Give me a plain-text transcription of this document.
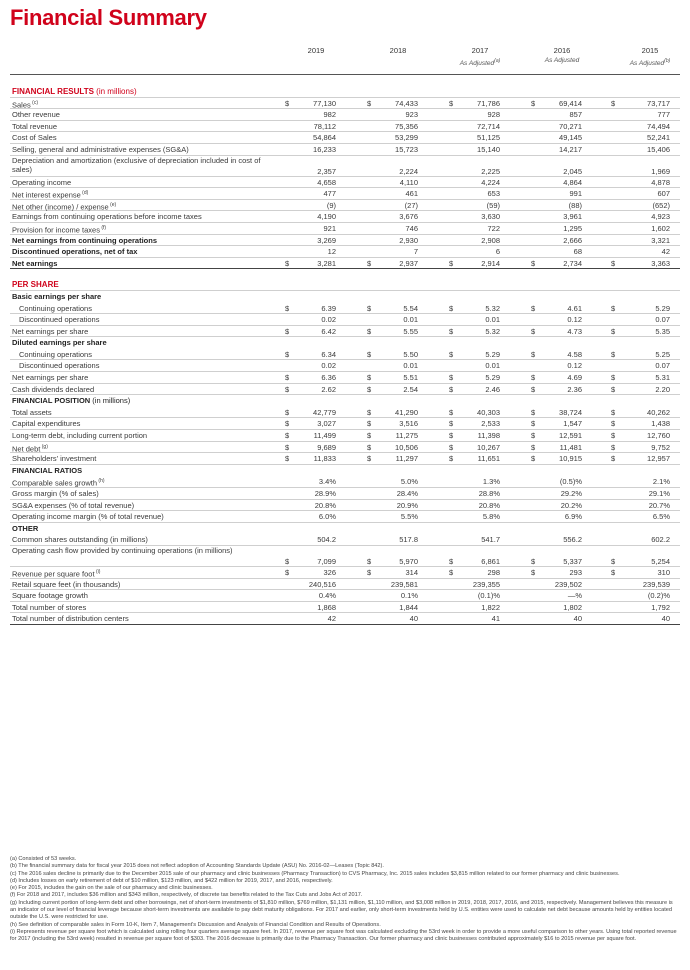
Financial Summary
2019
	2018
	2017
As Adjusted$^{(a)}$
2016
As Adjusted
2015
As Adjusted$^{(b)}$
FINANCIAL RESULTS (in millions)
Sales $^{(c)}$	$	77,130	$	74,433	$	71,786	$	69,414	$	73,717
Other revenue	982	923	928	857	777
Total revenue	78,112	75,356	72,714	70,271	74,494
Cost of Sales	54,864	53,299	51,125	49,145	52,241
Selling, general and administrative expenses (SG&A)	16,233	15,723	15,140	14,217	15,406
Depreciation and amortization (exclusive of depreciation included in cost of sales)	2,357	2,224	2,225	2,045	1,969
Operating income	4,658	4,110	4,224	4,864	4,878
Net interest expense $^{(d)}$	477	461	653	991	607
Net other (income) / expense $^{(e)}$	(9)	(27)	(59)	(88)	(652)
Earnings from continuing operations before income taxes	4,190	3,676	3,630	3,961	4,923
Provision for income taxes $^{(f)}$	921	746	722	1,295	1,602
Net earnings from continuing operations	3,269	2,930	2,908	2,666	3,321
Discontinued operations, net of tax	12	7	6	68	42
Net earnings	$	3,281	$	2,937	$	2,914	$	2,734	$	3,363
PER SHARE
Basic earnings per share
Continuing operations	$	6.39	$	5.54	$	5.32	$	4.61	$	5.29
Discontinued operations	0.02	0.01	0.01	0.12	0.07
Net earnings per share	$	6.42	$	5.55	$	5.32	$	4.73	$	5.35
Diluted earnings per share
Continuing operations	$	6.34	$	5.50	$	5.29	$	4.58	$	5.25
Discontinued operations	0.02	0.01	0.01	0.12	0.07
Net earnings per share	$	6.36	$	5.51	$	5.29	$	4.69	$	5.31
Cash dividends declared	$	2.62	$	2.54	$	2.46	$	2.36	$	2.20
FINANCIAL POSITION (in millions)
Total assets	$	42,779	$	41,290	$	40,303	$	38,724	$	40,262
Capital expenditures	$	3,027	$	3,516	$	2,533	$	1,547	$	1,438
Long-term debt, including current portion	$	11,499	$	11,275	$	11,398	$	12,591	$	12,760
Net debt $^{(g)}$	$	9,689	$	10,506	$	10,267	$	11,481	$	9,752
Shareholders' investment	$	11,833	$	11,297	$	11,651	$	10,915	$	12,957
FINANCIAL RATIOS
Comparable sales growth $^{(h)}$	3.4%	5.0%	1.3%	(0.5)%	2.1%
Gross margin (% of sales)	28.9%	28.4%	28.8%	29.2%	29.1%
SG&A expenses (% of total revenue)	20.8%	20.9%	20.8%	20.2%	20.7%
Operating income margin (% of total revenue)	6.0%	5.5%	5.8%	6.9%	6.5%
OTHER
Common shares outstanding (in millions)	504.2	517.8	541.7	556.2	602.2
Operating cash flow provided by continuing operations (in millions)
$	7,099	$	5,970	$	6,861	$	5,337	$	5,254
Revenue per square foot $^{(i)}$	$	326	$	314	$	298	$	293	$	310
Retail square feet (in thousands)	240,516	239,581	239,355	239,502	239,539
Square footage growth	0.4%	0.1%	(0.1)%	—%	(0.2)%
Total number of stores	1,868	1,844	1,822	1,802	1,792
Total number of distribution centers	42	40	41	40	40

(a) Consisted of 53 weeks.

(b) The financial summary data for fiscal year 2015 does not reflect adoption of Accounting Standards Update (ASU) No. 2016-02—Leases (Topic 842).

(c) The 2016 sales decline is primarily due to the December 2015 sale of our pharmacy and clinic businesses (Pharmacy Transaction) to CVS Pharmacy, Inc. 2015 sales includes $3,815 million related to our former pharmacy and clinic businesses.

(d) Includes losses on early retirement of debt of $10 million, $123 million, and $422 million for 2019, 2017, and 2016, respectively.

(e) For 2015, includes the gain on the sale of our pharmacy and clinic businesses.

(f) For 2018 and 2017, includes $36 million and $343 million, respectively, of discrete tax benefits related to the Tax Cuts and Jobs Act of 2017.

(g) Including current portion of long-term debt and other borrowings, net of short-term investments of $1,810 million, $769 million, $1,131 million, $1,110 million, and $3,008 million in 2019, 2018, 2017, 2016, and 2015, respectively. Management believes this measure is an indicator of our level of financial leverage because short-term investments are available to pay debt maturity obligations. For 2017 and earlier, only short-term investments held by U.S. entities were used to calculate net debt because amounts held by entities located outside the U.S. were restricted for use.

(h) See definition of comparable sales in Form 10-K, Item 7, Management's Discussion and Analysis of Financial Condition and Results of Operations.

(i) Represents revenue per square foot which is calculated using rolling four quarters average square feet. In 2017, revenue per square foot was calculated excluding the 53rd week in order to provide a more useful comparison to other years. Using total reported revenue for 2017 (including the 53rd week) resulted in revenue per square foot of $303. The 2016 decrease is primarily due to the Pharmacy Transaction. Our former pharmacy and clinic businesses contributed approximately $16 to 2015 revenue per square foot.
